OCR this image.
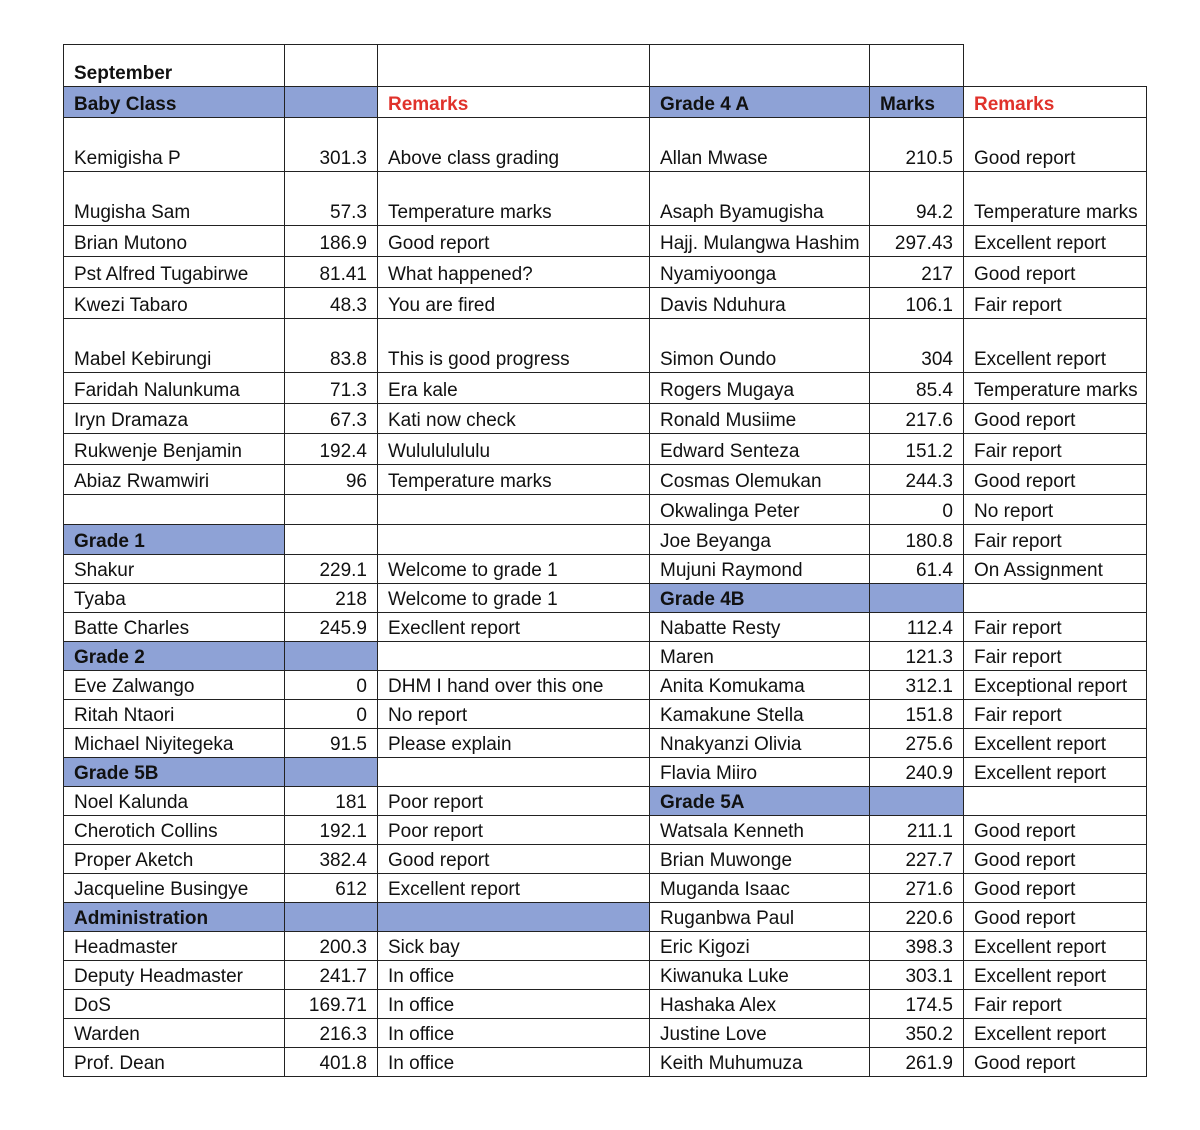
September					
Baby Class		Remarks	Grade 4 A	Marks	Remarks
Kemigisha P	301.3	Above class grading	Allan Mwase	210.5	Good report
Mugisha Sam	57.3	Temperature marks	Asaph Byamugisha	94.2	Temperature marks
Brian Mutono	186.9	Good report	Hajj. Mulangwa Hashim	297.43	Excellent report
Pst Alfred Tugabirwe	81.41	What happened?	Nyamiyoonga	217	Good report
Kwezi Tabaro	48.3	You are fired	Davis Nduhura	106.1	Fair report
Mabel Kebirungi	83.8	This is good progress	Simon Oundo	304	Excellent report
Faridah Nalunkuma	71.3	Era kale	Rogers Mugaya	85.4	Temperature marks
Iryn Dramaza	67.3	Kati now check	Ronald Musiime	217.6	Good report
Rukwenje Benjamin	192.4	Wulululululu	Edward Senteza	151.2	Fair report
Abiaz Rwamwiri	96	Temperature marks	Cosmas Olemukan	244.3	Good report
			Okwalinga Peter	0	No report
Grade 1			Joe Beyanga	180.8	Fair report
Shakur	229.1	Welcome to grade 1	Mujuni Raymond	61.4	On Assignment
Tyaba	218	Welcome to grade 1	Grade 4B		
Batte Charles	245.9	Execllent report	Nabatte Resty	112.4	Fair report
Grade 2			Maren	121.3	Fair report
Eve Zalwango	0	DHM I hand over this one	Anita Komukama	312.1	Exceptional report
Ritah Ntaori	0	No report	Kamakune Stella	151.8	Fair report
Michael Niyitegeka	91.5	Please explain	Nnakyanzi Olivia	275.6	Excellent report
Grade 5B			Flavia Miiro	240.9	Excellent report
Noel Kalunda	181	Poor report	Grade 5A		
Cherotich Collins	192.1	Poor report	Watsala Kenneth	211.1	Good report
Proper Aketch	382.4	Good report	Brian Muwonge	227.7	Good report
Jacqueline Busingye	612	Excellent report	Muganda Isaac	271.6	Good report
Administration			Ruganbwa Paul	220.6	Good report
Headmaster	200.3	Sick bay	Eric Kigozi	398.3	Excellent report
Deputy Headmaster	241.7	In office	Kiwanuka Luke	303.1	Excellent report
DoS	169.71	In office	Hashaka Alex	174.5	Fair report
Warden	216.3	In office	Justine Love	350.2	Excellent report
Prof. Dean	401.8	In office	Keith Muhumuza	261.9	Good report
